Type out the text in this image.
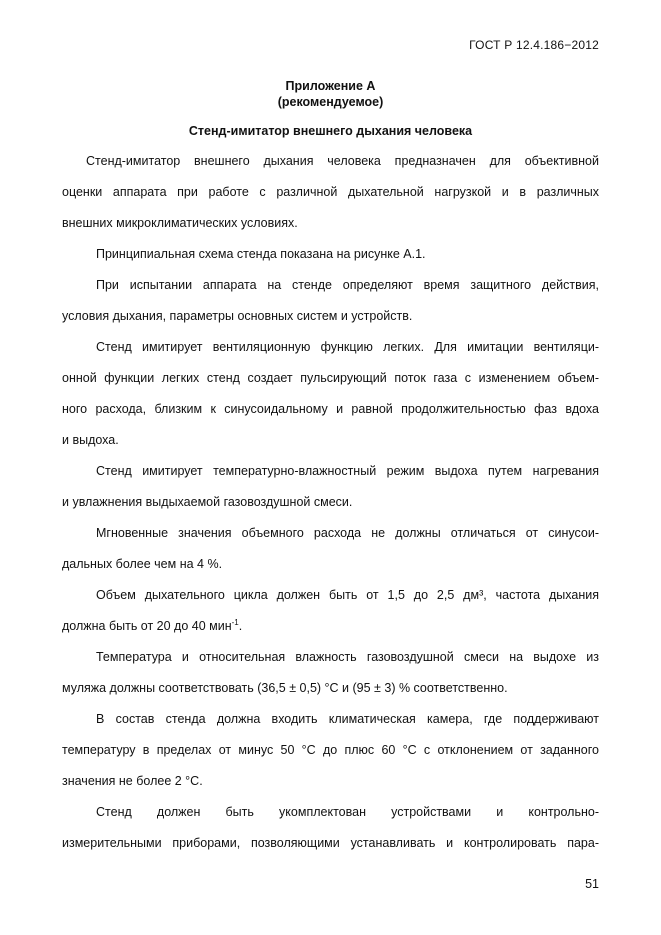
ГОСТ Р 12.4.186−2012
Приложение А
(рекомендуемое)
Стенд-имитатор внешнего дыхания человека
Стенд-имитатор внешнего дыхания человека предназначен для объективной
оценки аппарата при работе с различной дыхательной нагрузкой и в различных
внешних микроклиматических условиях.
Принципиальная схема стенда показана на рисунке А.1.
При испытании аппарата на стенде определяют время защитного действия,
условия дыхания, параметры основных систем и устройств.
Стенд имитирует вентиляционную функцию легких. Для имитации вентиляци-
онной функции легких стенд создает пульсирующий поток газа с изменением объем-
ного расхода, близким к синусоидальному и равной продолжительностью фаз вдоха
и выдоха.
Стенд имитирует температурно-влажностный режим выдоха путем нагревания
и увлажнения выдыхаемой газовоздушной смеси.
Мгновенные значения объемного расхода не должны отличаться от синусои-
дальных более чем на 4 %.
Объем дыхательного цикла должен быть от 1,5 до 2,5 дм³, частота дыхания
должна быть от 20 до 40 мин$^{-1}$.
Температура и относительная влажность газовоздушной смеси на выдохе из
муляжа должны соответствовать (36,5 ± 0,5) °С и (95 ± 3) % соответственно.
В состав стенда должна входить климатическая камера, где поддерживают
температуру в пределах от минус 50 °С до плюс 60 °С с отклонением от заданного
значения не более 2 °С.
Стенд должен быть укомплектован устройствами и контрольно-
измерительными приборами, позволяющими устанавливать и контролировать пара-
51
